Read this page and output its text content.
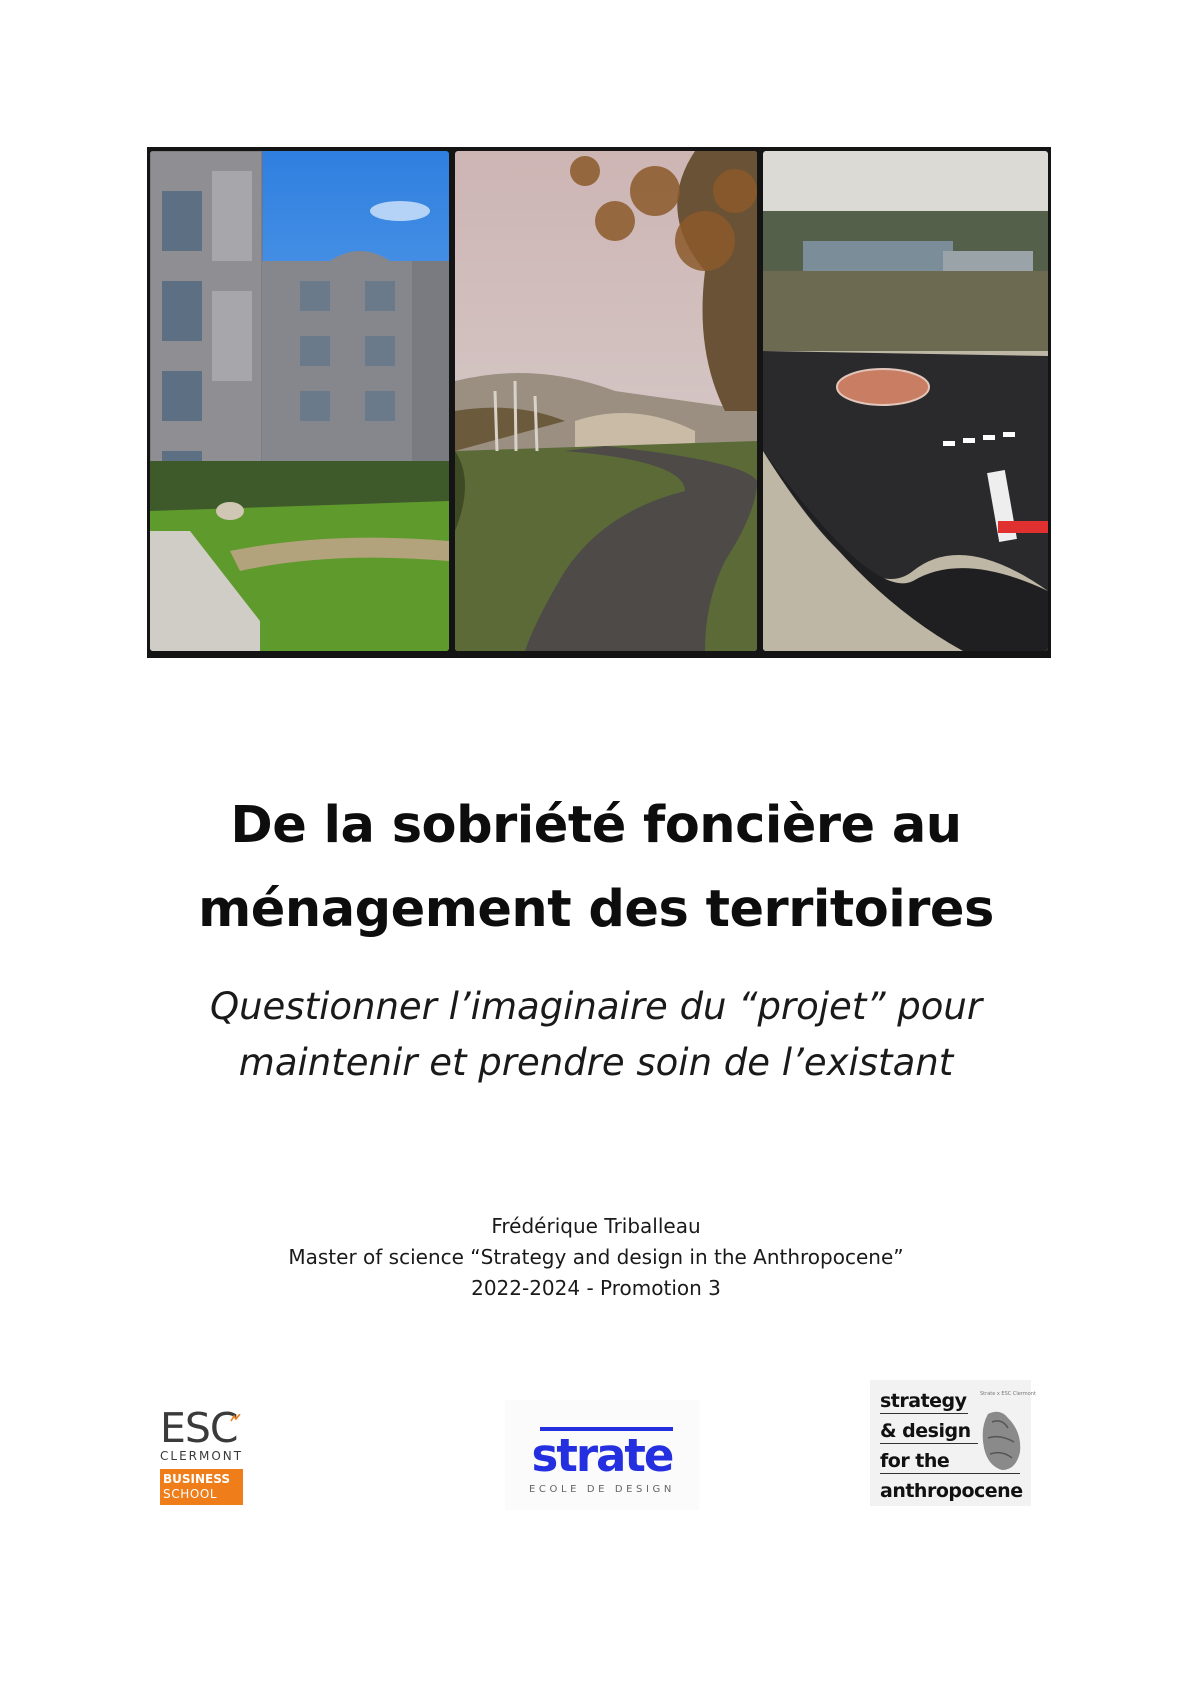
De la sobriété foncière au
ménagement des territoires
Questionner l’imaginaire du “projet” pour
maintenir et prendre soin de l’existant
Frédérique Triballeau
Master of science “Strategy and design in the Anthropocene”
2022-2024 - Promotion 3
ESC
CLERMONT
BUSINESS
SCHOOL
strate
ECOLE DE DESIGN
Strate x ESC Clermont
strategy
& design
for the
anthropocene
